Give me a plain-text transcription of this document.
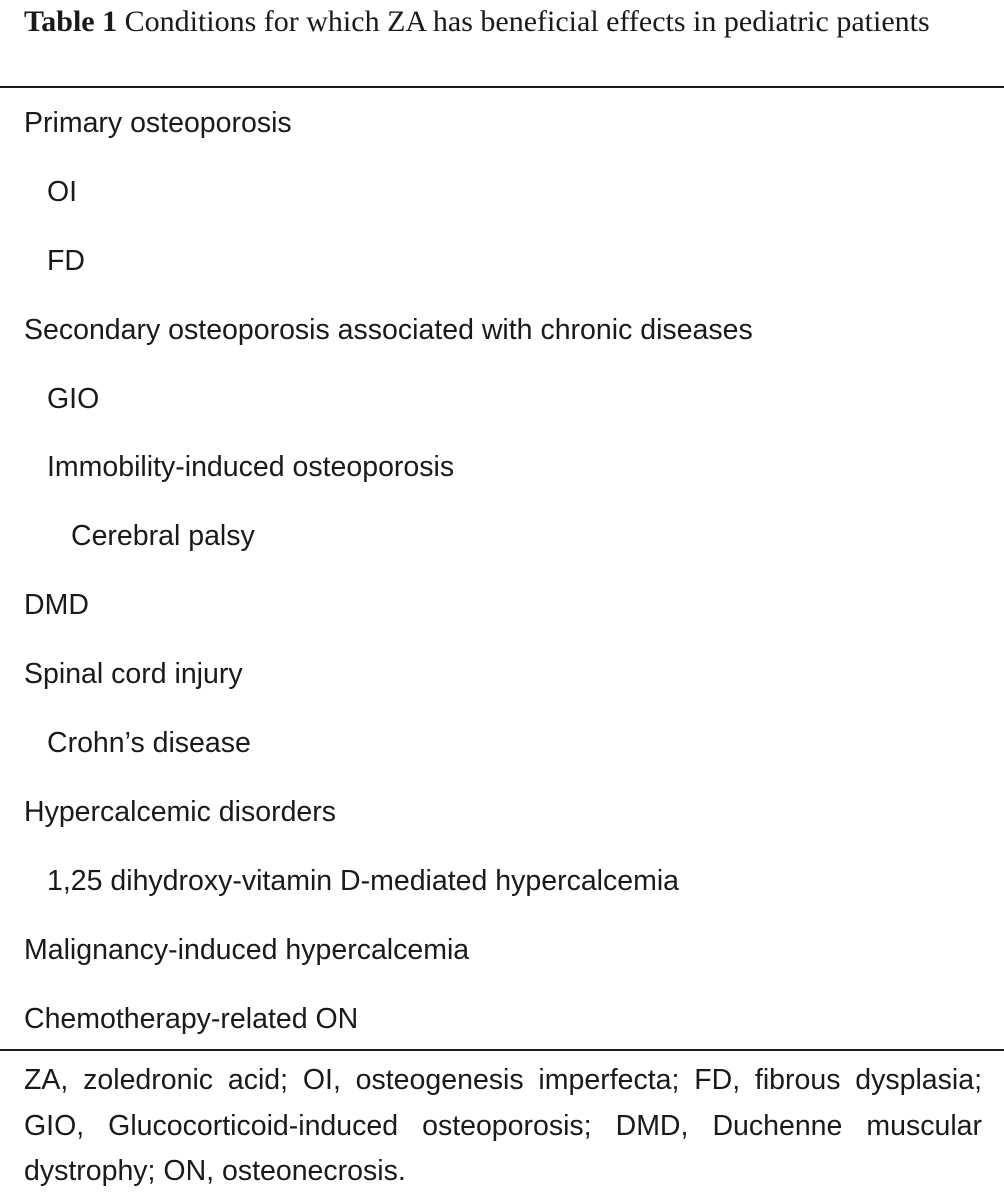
Table 1 Conditions for which ZA has beneficial effects in pediatric patients

Primary osteoporosis
OI
FD
Secondary osteoporosis associated with chronic diseases
GIO
Immobility-induced osteoporosis
Cerebral palsy
DMD
Spinal cord injury
Crohn’s disease
Hypercalcemic disorders
1,25 dihydroxy-vitamin D-mediated hypercalcemia
Malignancy-induced hypercalcemia
Chemotherapy-related ON

ZA, zoledronic acid; OI, osteogenesis imperfecta; FD, fibrous dysplasia; GIO, Glucocorticoid-induced osteoporosis; DMD, Duchenne muscular dystrophy; ON, osteonecrosis.
